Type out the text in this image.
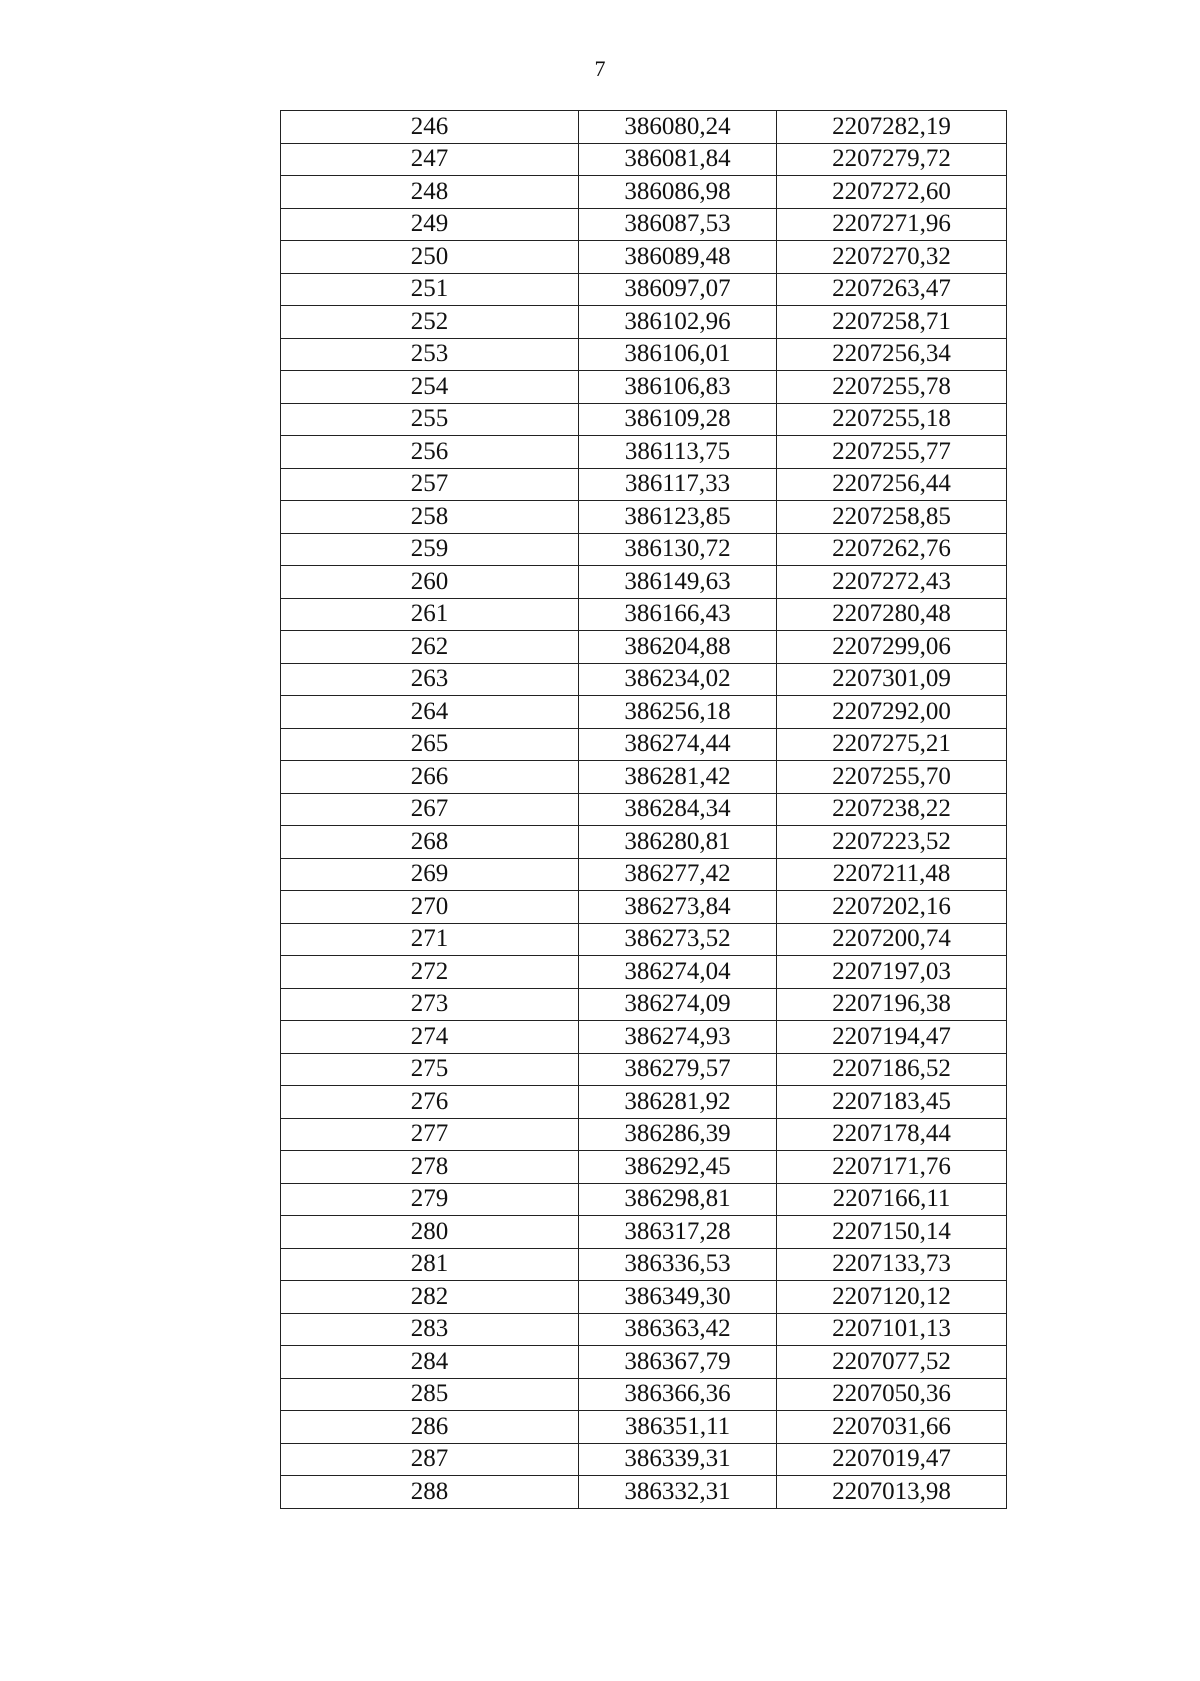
7
246	386080,24	2207282,19
247	386081,84	2207279,72
248	386086,98	2207272,60
249	386087,53	2207271,96
250	386089,48	2207270,32
251	386097,07	2207263,47
252	386102,96	2207258,71
253	386106,01	2207256,34
254	386106,83	2207255,78
255	386109,28	2207255,18
256	386113,75	2207255,77
257	386117,33	2207256,44
258	386123,85	2207258,85
259	386130,72	2207262,76
260	386149,63	2207272,43
261	386166,43	2207280,48
262	386204,88	2207299,06
263	386234,02	2207301,09
264	386256,18	2207292,00
265	386274,44	2207275,21
266	386281,42	2207255,70
267	386284,34	2207238,22
268	386280,81	2207223,52
269	386277,42	2207211,48
270	386273,84	2207202,16
271	386273,52	2207200,74
272	386274,04	2207197,03
273	386274,09	2207196,38
274	386274,93	2207194,47
275	386279,57	2207186,52
276	386281,92	2207183,45
277	386286,39	2207178,44
278	386292,45	2207171,76
279	386298,81	2207166,11
280	386317,28	2207150,14
281	386336,53	2207133,73
282	386349,30	2207120,12
283	386363,42	2207101,13
284	386367,79	2207077,52
285	386366,36	2207050,36
286	386351,11	2207031,66
287	386339,31	2207019,47
288	386332,31	2207013,98
